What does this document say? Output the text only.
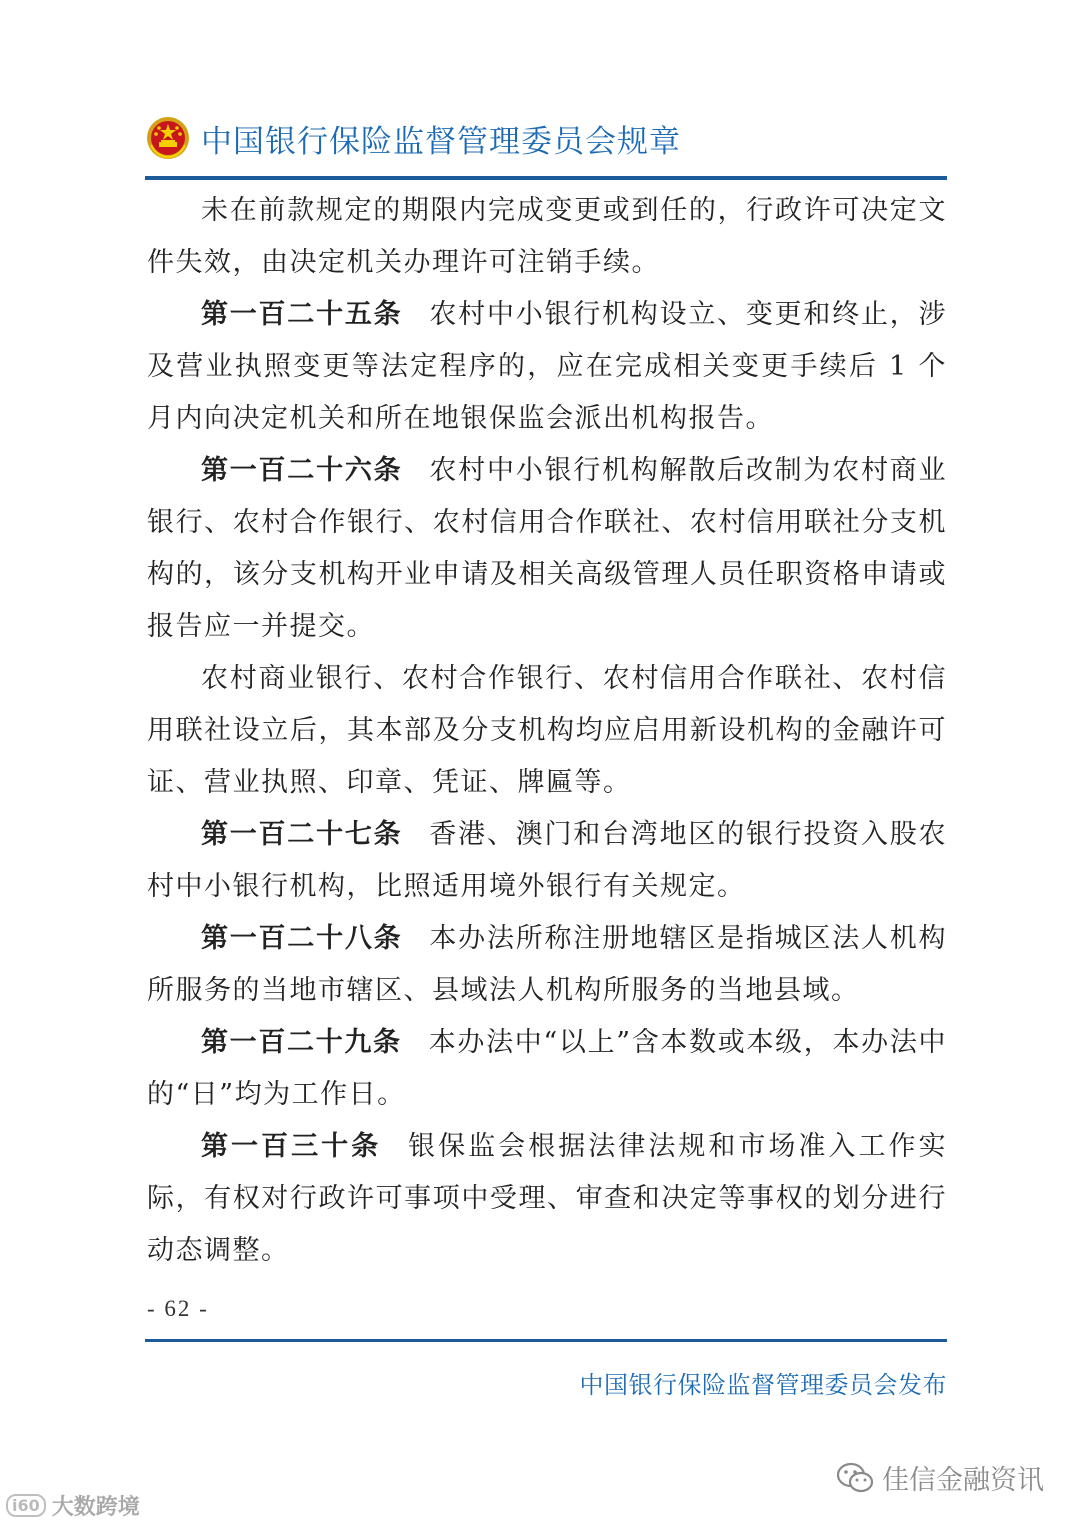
中国银行保险监督管理委员会规章

未在前款规定的期限内完成变更或到任的，行政许可决定文件失效，由决定机关办理许可注销手续。

第一百二十五条 农村中小银行机构设立、变更和终止，涉及营业执照变更等法定程序的，应在完成相关变更手续后 1 个月内向决定机关和所在地银保监会派出机构报告。

第一百二十六条 农村中小银行机构解散后改制为农村商业银行、农村合作银行、农村信用合作联社、农村信用联社分支机构的，该分支机构开业申请及相关高级管理人员任职资格申请或报告应一并提交。

农村商业银行、农村合作银行、农村信用合作联社、农村信用联社设立后，其本部及分支机构均应启用新设机构的金融许可证、营业执照、印章、凭证、牌匾等。

第一百二十七条 香港、澳门和台湾地区的银行投资入股农村中小银行机构，比照适用境外银行有关规定。

第一百二十八条 本办法所称注册地辖区是指城区法人机构所服务的当地市辖区、县域法人机构所服务的当地县域。

第一百二十九条 本办法中“以上”含本数或本级，本办法中的“日”均为工作日。

第一百三十条 银保监会根据法律法规和市场准入工作实际，有权对行政许可事项中受理、审查和决定等事权的划分进行动态调整。

- 62 -
中国银行保险监督管理委员会发布
佳信金融资讯
i60 大数跨境
